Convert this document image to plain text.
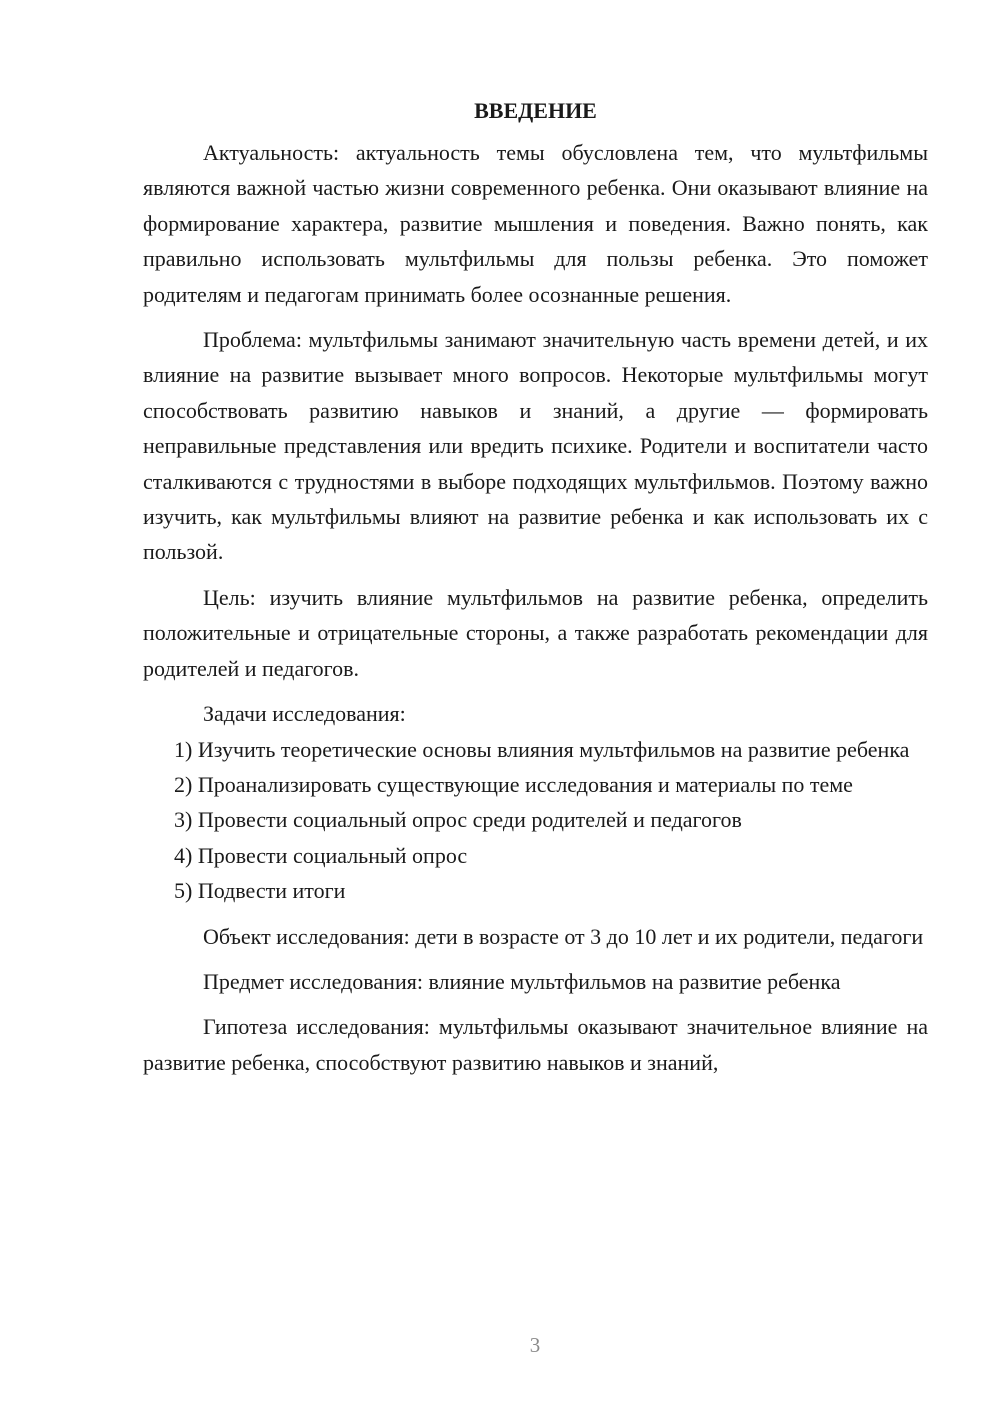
ВВЕДЕНИЕ

Актуальность: актуальность темы обусловлена тем, что мультфильмы являются важной частью жизни современного ребенка. Они оказывают влияние на формирование характера, развитие мышления и поведения. Важно понять, как правильно использовать мультфильмы для пользы ребенка. Это поможет родителям и педагогам принимать более осознанные решения.

Проблема: мультфильмы занимают значительную часть времени детей, и их влияние на развитие вызывает много вопросов. Некоторые мультфильмы могут способствовать развитию навыков и знаний, а другие — формировать неправильные представления или вредить психике. Родители и воспитатели часто сталкиваются с трудностями в выборе подходящих мультфильмов. Поэтому важно изучить, как мультфильмы влияют на развитие ребенка и как использовать их с пользой.

Цель: изучить влияние мультфильмов на развитие ребенка, определить положительные и отрицательные стороны, а также разработать рекомендации для родителей и педагогов.

Задачи исследования:

1) Изучить теоретические основы влияния мультфильмов на развитие ребенка

2) Проанализировать существующие исследования и материалы по теме

3) Провести социальный опрос среди родителей и педагогов

4) Провести социальный опрос

5) Подвести итоги

Объект исследования: дети в возрасте от 3 до 10 лет и их родители, педагоги

Предмет исследования: влияние мультфильмов на развитие ребенка

Гипотеза исследования: мультфильмы оказывают значительное влияние на развитие ребенка, способствуют развитию навыков и знаний,

3
